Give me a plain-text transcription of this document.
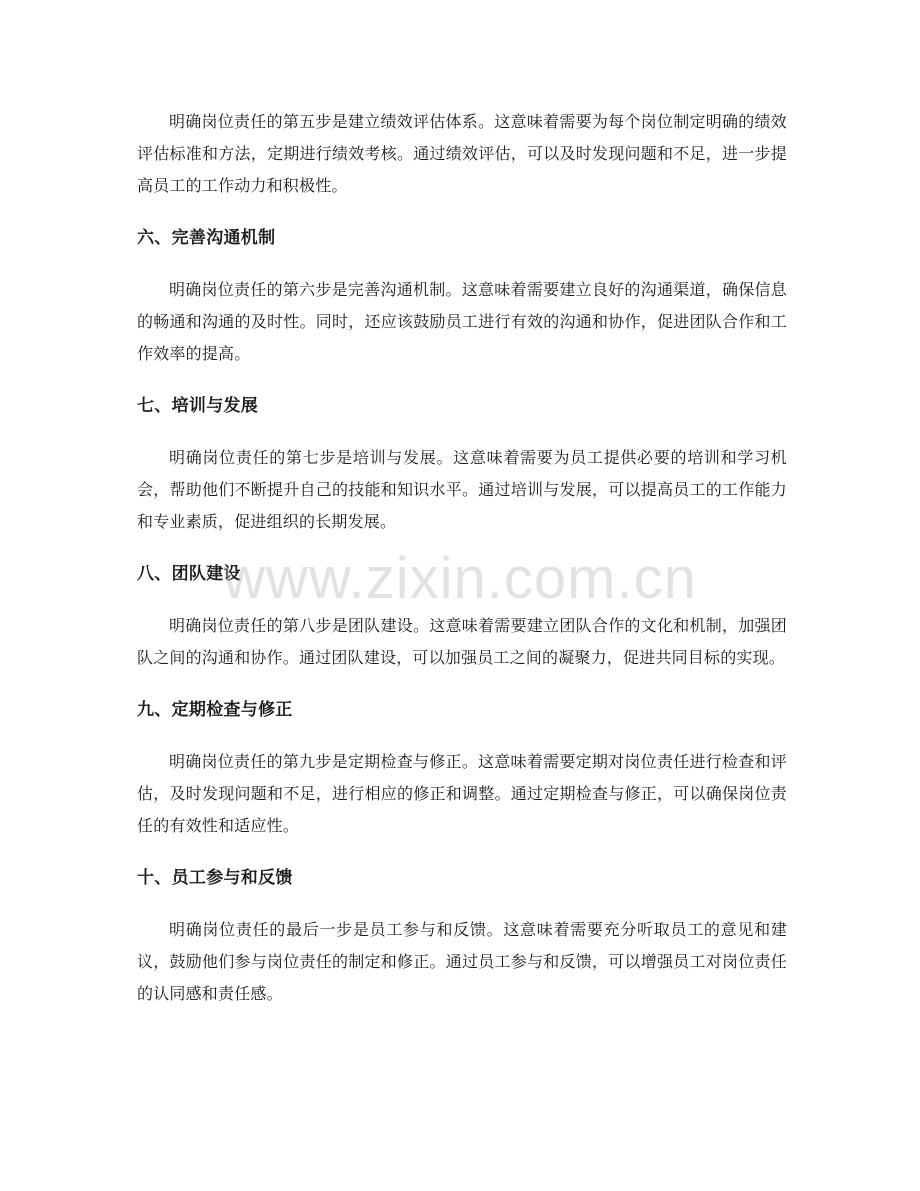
明确岗位责任的第五步是建立绩效评估体系。这意味着需要为每个岗位制定明确的绩效评估标准和方法，定期进行绩效考核。通过绩效评估，可以及时发现问题和不足，进一步提高员工的工作动力和积极性。

六、完善沟通机制

明确岗位责任的第六步是完善沟通机制。这意味着需要建立良好的沟通渠道，确保信息的畅通和沟通的及时性。同时，还应该鼓励员工进行有效的沟通和协作，促进团队合作和工作效率的提高。

七、培训与发展

明确岗位责任的第七步是培训与发展。这意味着需要为员工提供必要的培训和学习机会，帮助他们不断提升自己的技能和知识水平。通过培训与发展，可以提高员工的工作能力和专业素质，促进组织的长期发展。

八、团队建设

明确岗位责任的第八步是团队建设。这意味着需要建立团队合作的文化和机制，加强团队之间的沟通和协作。通过团队建设，可以加强员工之间的凝聚力，促进共同目标的实现。

九、定期检查与修正

明确岗位责任的第九步是定期检查与修正。这意味着需要定期对岗位责任进行检查和评估，及时发现问题和不足，进行相应的修正和调整。通过定期检查与修正，可以确保岗位责任的有效性和适应性。

十、员工参与和反馈

明确岗位责任的最后一步是员工参与和反馈。这意味着需要充分听取员工的意见和建议，鼓励他们参与岗位责任的制定和修正。通过员工参与和反馈，可以增强员工对岗位责任的认同感和责任感。

www.zixin.com.cn
